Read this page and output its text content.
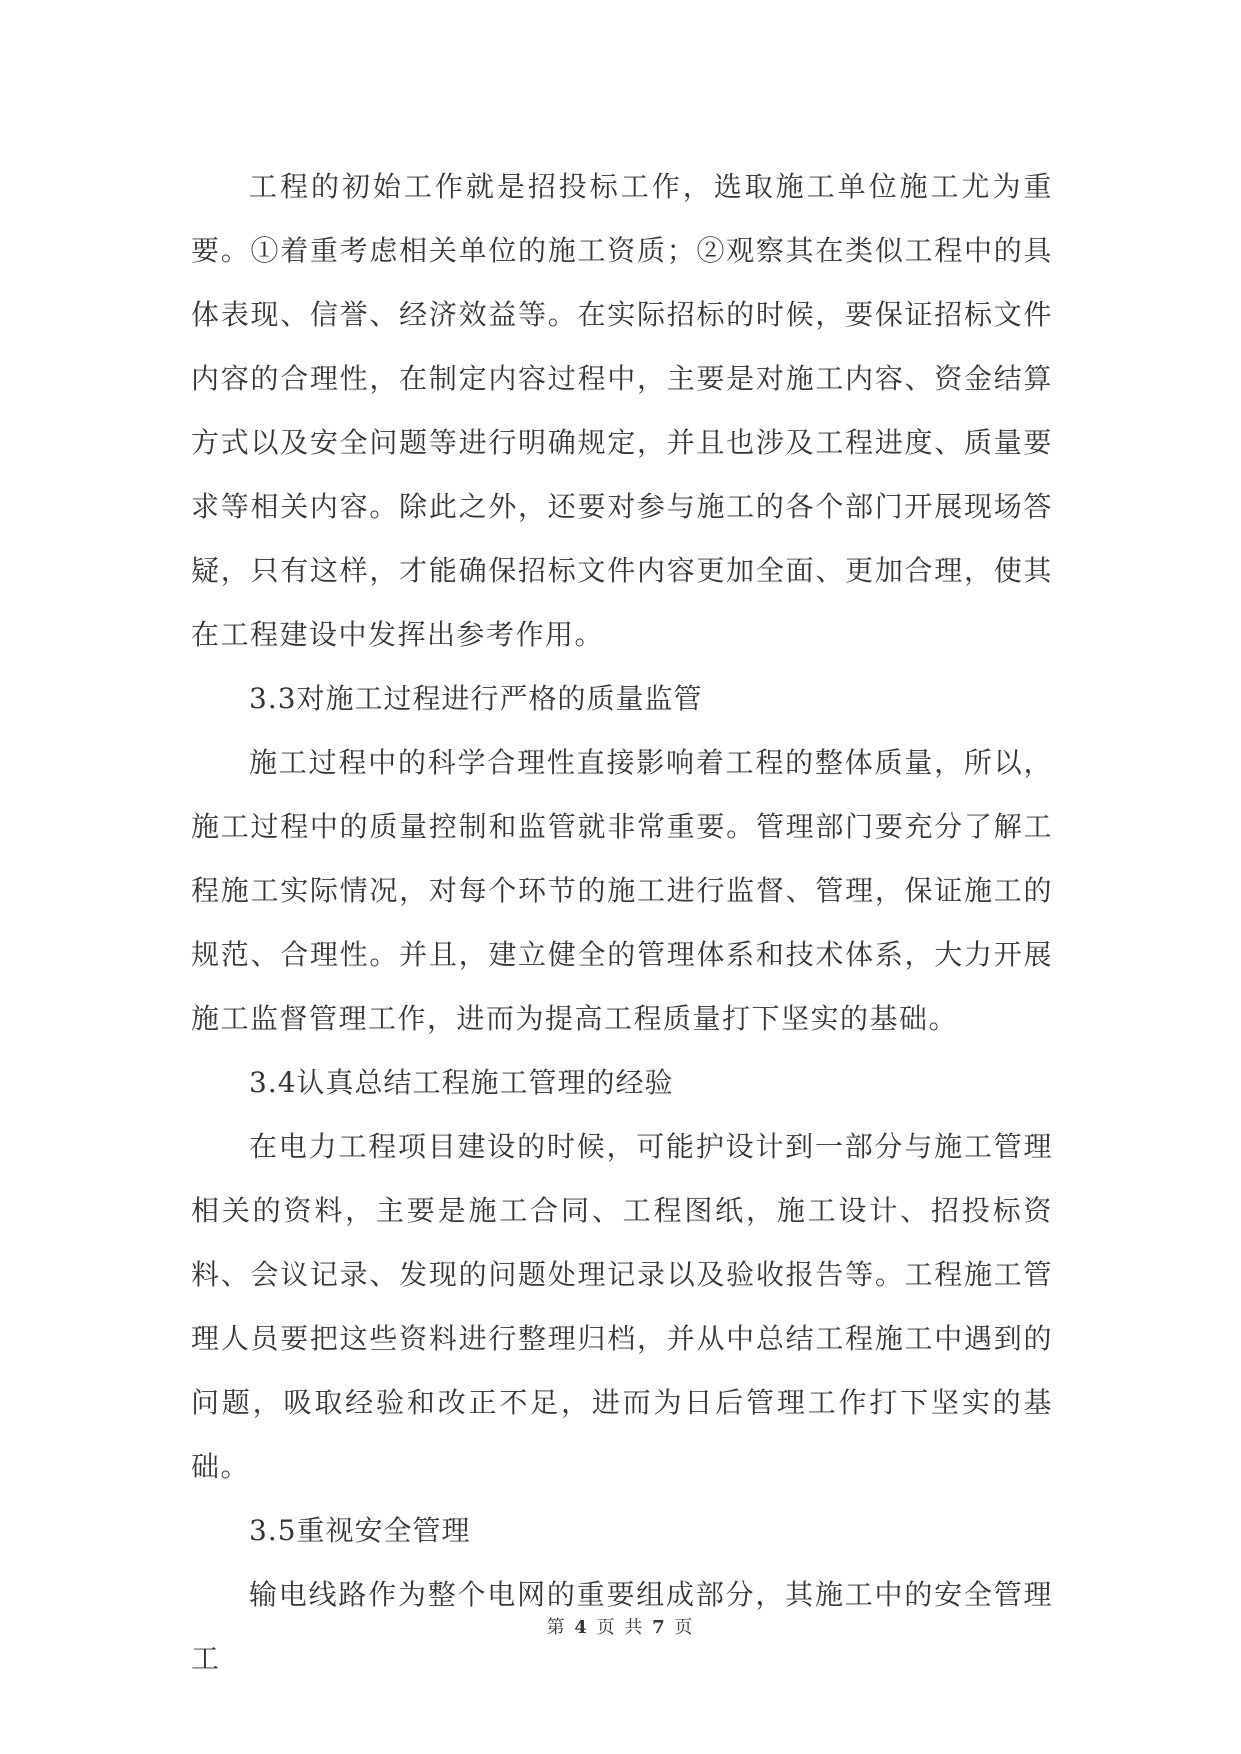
工程的初始工作就是招投标工作，选取施工单位施工尤为重要。①着重考虑相关单位的施工资质；②观察其在类似工程中的具体表现、信誉、经济效益等。在实际招标的时候，要保证招标文件内容的合理性，在制定内容过程中，主要是对施工内容、资金结算方式以及安全问题等进行明确规定，并且也涉及工程进度、质量要求等相关内容。除此之外，还要对参与施工的各个部门开展现场答疑，只有这样，才能确保招标文件内容更加全面、更加合理，使其在工程建设中发挥出参考作用。

3.3对施工过程进行严格的质量监管

施工过程中的科学合理性直接影响着工程的整体质量，所以，施工过程中的质量控制和监管就非常重要。管理部门要充分了解工程施工实际情况，对每个环节的施工进行监督、管理，保证施工的规范、合理性。并且，建立健全的管理体系和技术体系，大力开展施工监督管理工作，进而为提高工程质量打下坚实的基础。

3.4认真总结工程施工管理的经验

在电力工程项目建设的时候，可能护设计到一部分与施工管理相关的资料，主要是施工合同、工程图纸，施工设计、招投标资料、会议记录、发现的问题处理记录以及验收报告等。工程施工管理人员要把这些资料进行整理归档，并从中总结工程施工中遇到的问题，吸取经验和改正不足，进而为日后管理工作打下坚实的基础。

3.5重视安全管理

输电线路作为整个电网的重要组成部分，其施工中的安全管理工

第 4 页 共 7 页
